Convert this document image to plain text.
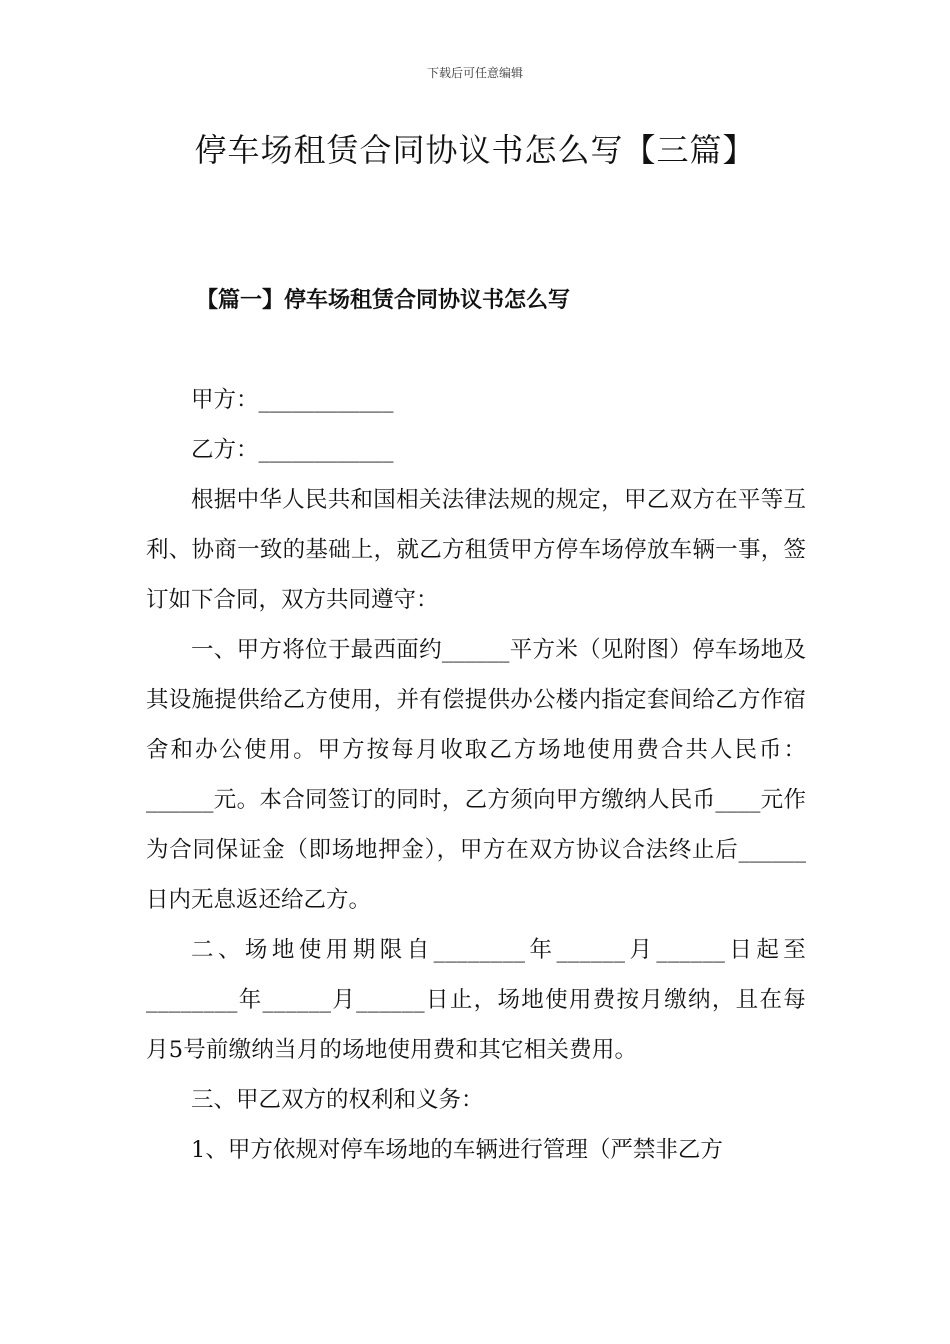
下载后可任意编辑

停车场租赁合同协议书怎么写【三篇】
【篇一】停车场租赁合同协议书怎么写

甲方：____________

乙方：____________

根据中华人民共和国相关法律法规的规定，甲乙双方在平等互利、协商一致的基础上，就乙方租赁甲方停车场停放车辆一事，签订如下合同，双方共同遵守：

一、甲方将位于最西面约______平方米（见附图）停车场地及其设施提供给乙方使用，并有偿提供办公楼内指定套间给乙方作宿舍和办公使用。甲方按每月收取乙方场地使用费合共人民币：______元。本合同签订的同时，乙方须向甲方缴纳人民币____元作为合同保证金（即场地押金），甲方在双方协议合法终止后______日内无息返还给乙方。

二、场地使用期限自________年______月______日起至________年______月______日止，场地使用费按月缴纳，且在每月5号前缴纳当月的场地使用费和其它相关费用。

三、甲乙双方的权利和义务：

1、甲方依规对停车场地的车辆进行管理（严禁非乙方
